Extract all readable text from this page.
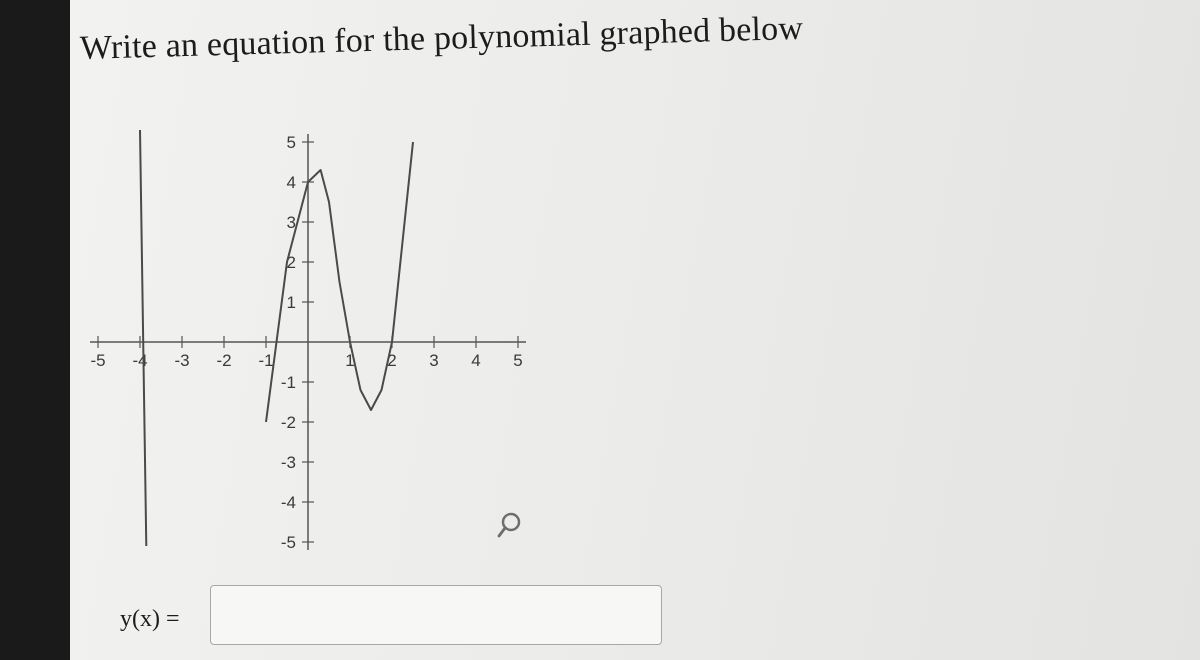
Write an equation for the polynomial graphed below
-5 -4 -3 -2 -1	1 2 3 4 5
5
4
3
2
1
-1
-2
-3
-4
-5
y(x) =
